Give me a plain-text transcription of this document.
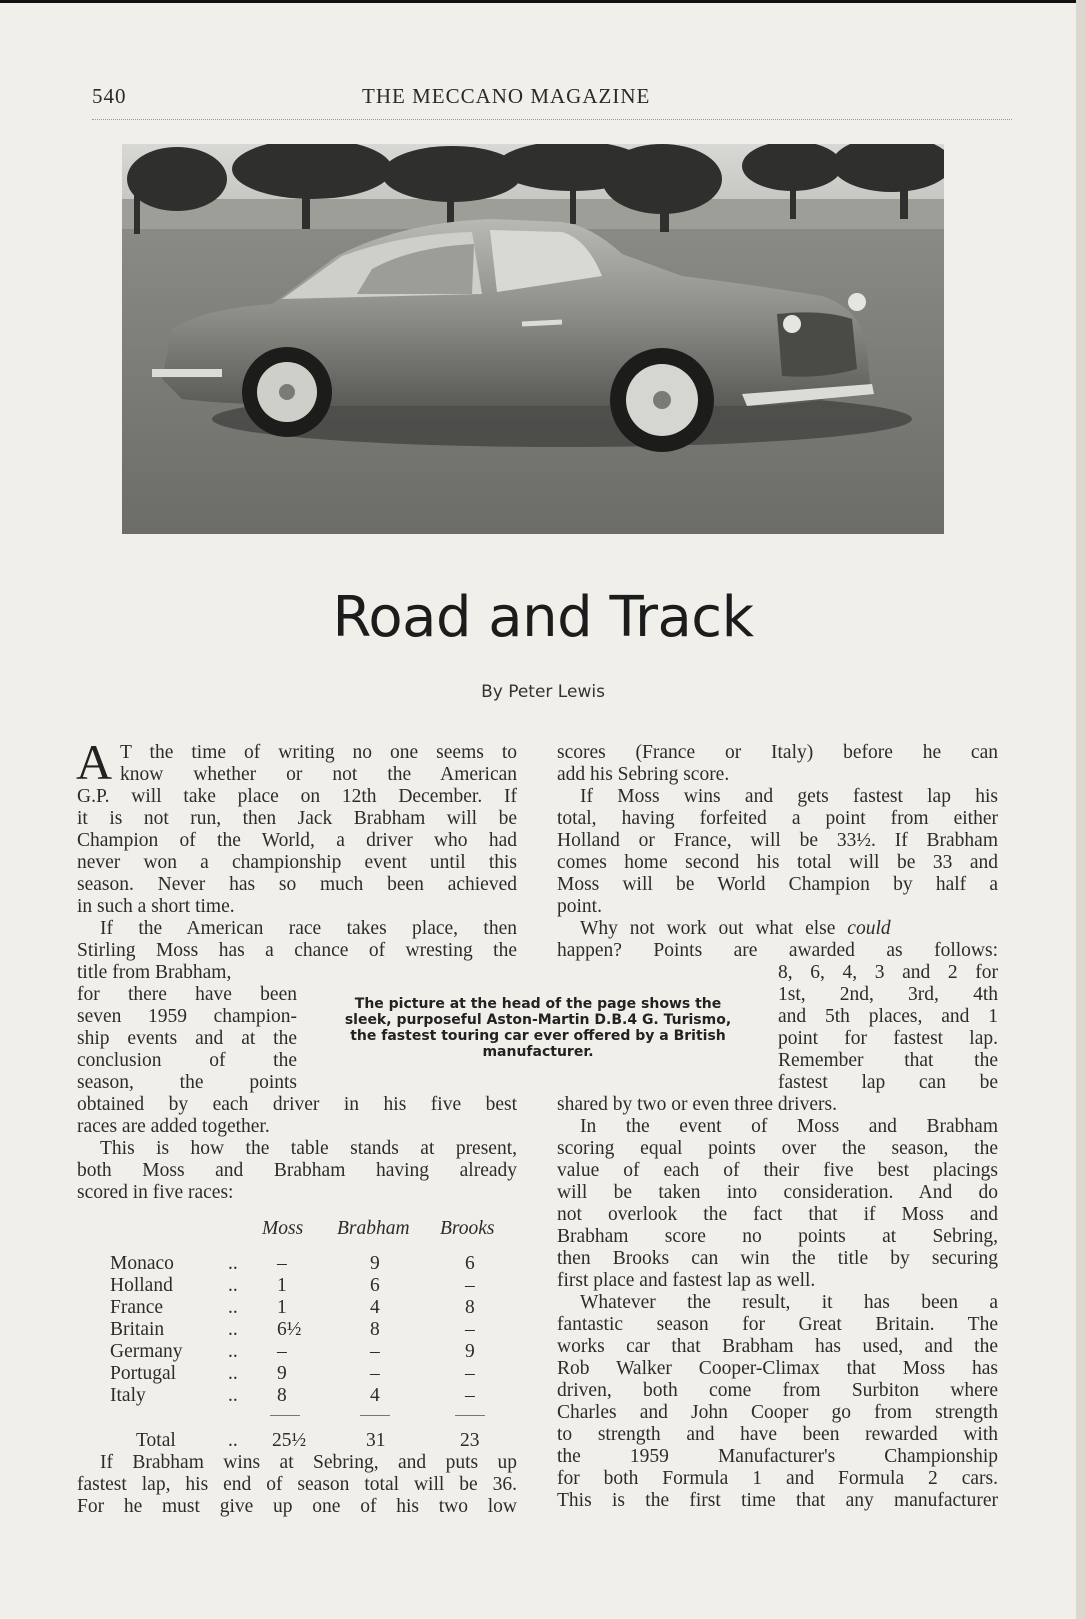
540	THE MECCANO MAGAZINE
Road and Track
By Peter Lewis
A T the time of writing no one seems to
know whether or not the American
G.P. will take place on 12th December. If
it is not run, then Jack Brabham will be
Champion of the World, a driver who had
never won a championship event until this
season. Never has so much been achieved
in such a short time.
If the American race takes place, then
Stirling Moss has a chance of wresting the
title from Brabham,
for there have been
seven 1959 champion-
ship events and at the
conclusion of the
season, the points
obtained by each driver in his five best
races are added together.
This is how the table stands at present,
both Moss and Brabham having already
scored in five races:
The picture at the head of the page shows the
sleek, purposeful Aston-Martin D.B.4 G. Turismo,
the fastest touring car ever offered by a British
manufacturer.
Moss Brabham Brooks
Monaco	.. –	9	6
Holland	.. 1	6	–
France	.. 1	4	8
Britain	.. 6½	8	–
Germany .. –	–	9
Portugal	.. 9	–	–
Italy	.. 8	4	–
Total	.. 25½	31	23
If Brabham wins at Sebring, and puts up
fastest lap, his end of season total will be 36.
For he must give up one of his two low
scores (France or Italy) before he can
add his Sebring score.
If Moss wins and gets fastest lap his
total, having forfeited a point from either
Holland or France, will be 33½. If Brabham
comes home second his total will be 33 and
Moss will be World Champion by half a
point.
Why not work out what else could
happen? Points are awarded as follows:
8, 6, 4, 3 and 2 for
1st, 2nd, 3rd, 4th
and 5th places, and 1
point for fastest lap.
Remember that the
fastest lap can be
shared by two or even three drivers.
In the event of Moss and Brabham
scoring equal points over the season, the
value of each of their five best placings
will be taken into consideration. And do
not overlook the fact that if Moss and
Brabham score no points at Sebring,
then Brooks can win the title by securing
first place and fastest lap as well.
Whatever the result, it has been a
fantastic season for Great Britain. The
works car that Brabham has used, and the
Rob Walker Cooper-Climax that Moss has
driven, both come from Surbiton where
Charles and John Cooper go from strength
to strength and have been rewarded with
the 1959 Manufacturer's Championship
for both Formula 1 and Formula 2 cars.
This is the first time that any manufacturer
